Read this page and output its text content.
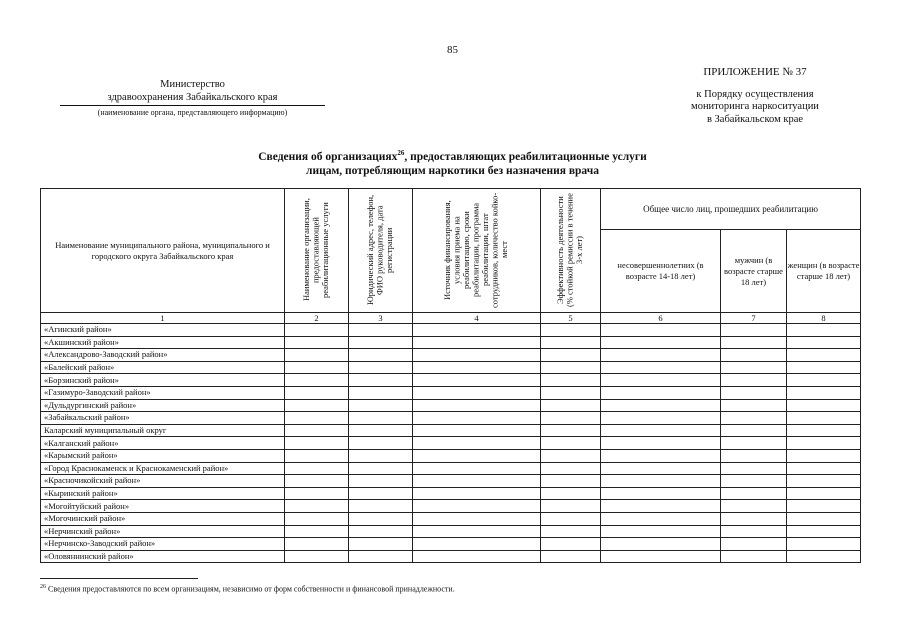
85
Министерство

здравоохранения Забайкальского края
(наименование органа, представляющего информацию)
ПРИЛОЖЕНИЕ № 37
к Порядку осуществления
мониторинга наркоситуации
в Забайкальском крае
Сведения об организациях$^{26}$, предоставляющих реабилитационные услуги
лицам, потребляющим наркотики без назначения врача
Наименование муниципального района, муниципального и городского округа Забайкальского края	Наименование организации, предоставляющей реабилитационные услуги	Юридический адрес, телефон, ФИО руководителя, дата регистрации	Источник финансирования, условия приема на реабилитацию, сроки реабилитации, программа реабилитации, штат сотрудников, количество койко-мест	Эффективность деятельности (% стойкой ремиссии в течение 3-х лет)	Общее число лиц, прошедших реабилитацию		
					несовершеннолетних (в возрасте 14-18 лет)	мужчин (в возрасте старше 18 лет)	женщин (в возрасте старше 18 лет)
1	2	3	4	5	6	7	8
«Агинский район»							
«Акшинский район»							
«Александрово-Заводский район»							
«Балейский район»							
«Борзинский район»							
«Газимуро-Заводский район»							
«Дульдургинский район»							
«Забайкальский район»							
Каларский муниципальный округ							
«Калганский район»							
«Карымский район»							
«Город Краснокаменск и Краснокаменский район»							
«Красночикойский район»							
«Кыринский район»							
«Могойтуйский район»							
«Могочинский район»							
«Нерчинский район»							
«Нерчинско-Заводский район»							
«Оловяннинский район»							
$^{26}$ Сведения предоставляются по всем организациям, независимо от форм собственности и финансовой принадлежности.
